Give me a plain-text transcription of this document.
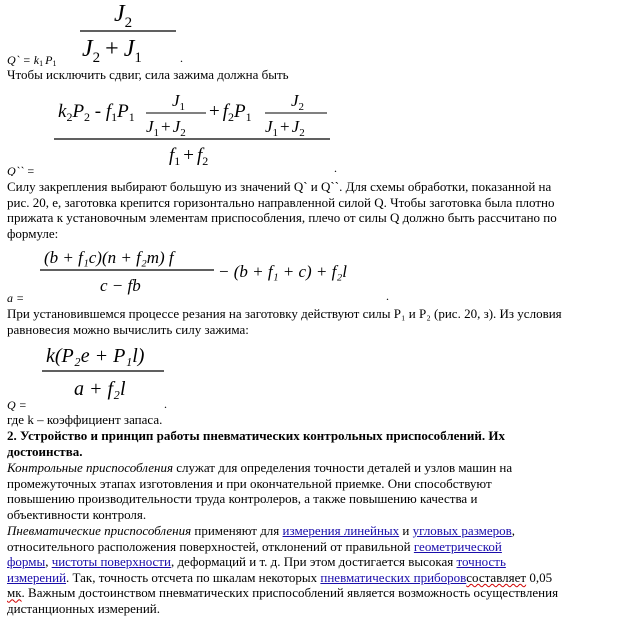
$J_2$
$J_2 + J_1$
Q` = k1 P1	.
Чтобы исключить сдвиг, сила зажима должна быть
$k_2P_2 - f_1P_1$
$J_1$
$J_1 + J_2$
+ $f_2P_1$
$J_2$
$J_1 + J_2$
$f_1 + f_2$
Q`` =	.
Силу закрепления выбирают большую из значений Q` и Q``. Для схемы обработки, показанной на
рис. 20, е, заготовка крепится горизонтально направленной силой Q. Чтобы заготовка была плотно
прижата к установочным элементам приспособления, плечо от силы Q должно быть рассчитано по
формуле:
(b + f₁c)(n + f₂m) f
c − fb
− (b + f₁ + c) + f₂l
a =	.
При установившемся процессе резания на заготовку действуют силы P₁ и P₂ (рис. 20, з). Из условия
равновесия можно вычислить силу зажима:
k(P₂e + P₁l)
a + f₂l
Q =	.
где k – коэффициент запаса.
2. Устройство и принцип работы пневматических контрольных приспособлений. Их
достоинства.
Контрольные приспособления служат для определения точности деталей и узлов машин на
промежуточных этапах изготовления и при окончательной приемке. Они способствуют
повышению производительности труда контролеров, а также повышению качества и
объективности контроля.
Пневматические приспособления применяют для измерения линейных и угловых размеров,
относительного расположения поверхностей, отклонений от правильной геометрической
формы, чистоты поверхности, деформаций и т. д. При этом достигается высокая точность
измерений. Так, точность отсчета по шкалам некоторых пневматических приборовсоставляет 0,05
мк. Важным достоинством пневматических приспособлений является возможность осуществления
дистанционных измерений.
